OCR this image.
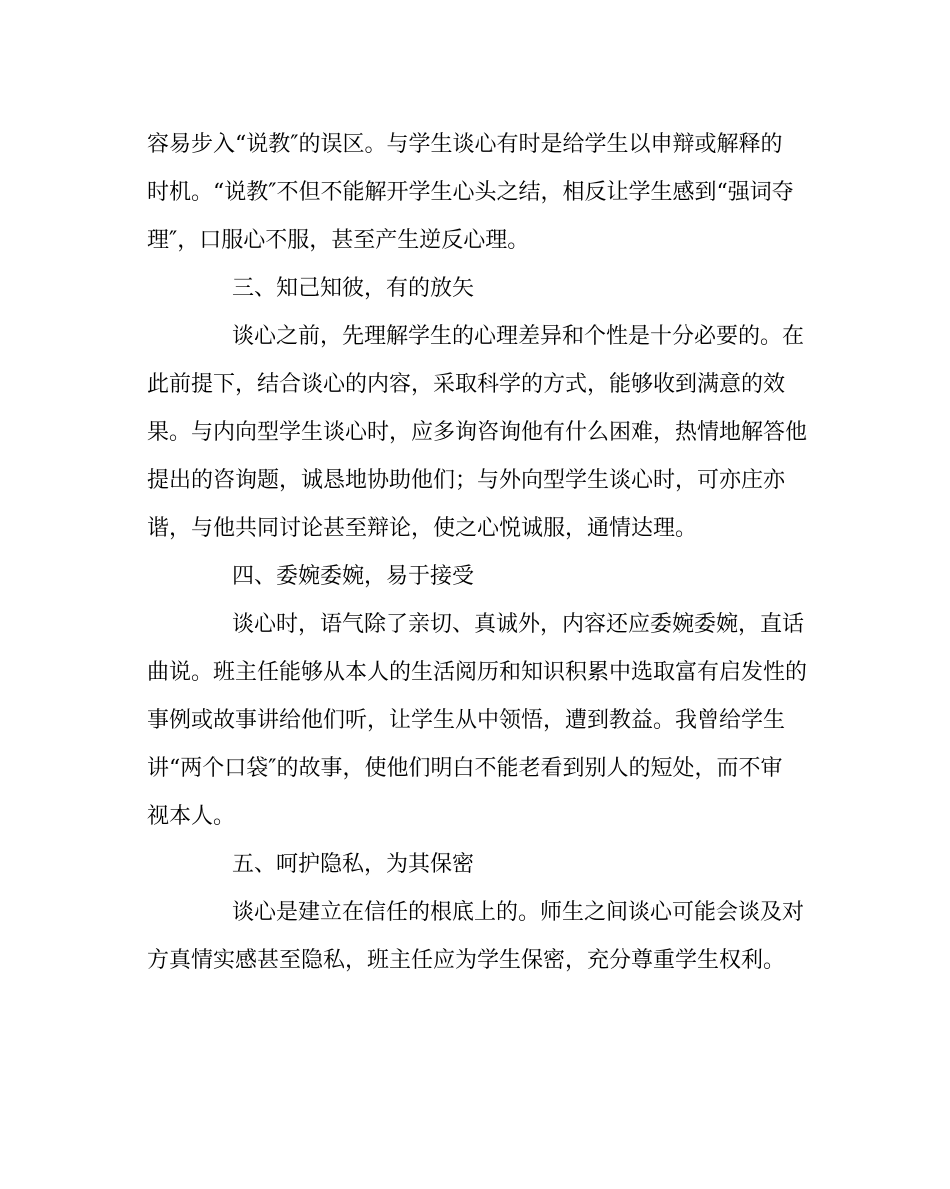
容易步入“说教″的误区。与学生谈心有时是给学生以申辩或解释的

时机。“说教″不但不能解开学生心头之结，相反让学生感到“强词夺

理″，口服心不服，甚至产生逆反心理。

三、知己知彼，有的放矢

谈心之前，先理解学生的心理差异和个性是十分必要的。在

此前提下，结合谈心的内容，采取科学的方式，能够收到满意的效

果。与内向型学生谈心时，应多询咨询他有什么困难，热情地解答他

提出的咨询题，诚恳地协助他们；与外向型学生谈心时，可亦庄亦

谐，与他共同讨论甚至辩论，使之心悦诚服，通情达理。

四、委婉委婉，易于接受

谈心时，语气除了亲切、真诚外，内容还应委婉委婉，直话

曲说。班主任能够从本人的生活阅历和知识积累中选取富有启发性的

事例或故事讲给他们听，让学生从中领悟，遭到教益。我曾给学生

讲“两个口袋″的故事，使他们明白不能老看到别人的短处，而不审

视本人。

五、呵护隐私，为其保密

谈心是建立在信任的根底上的。师生之间谈心可能会谈及对

方真情实感甚至隐私，班主任应为学生保密，充分尊重学生权利。
